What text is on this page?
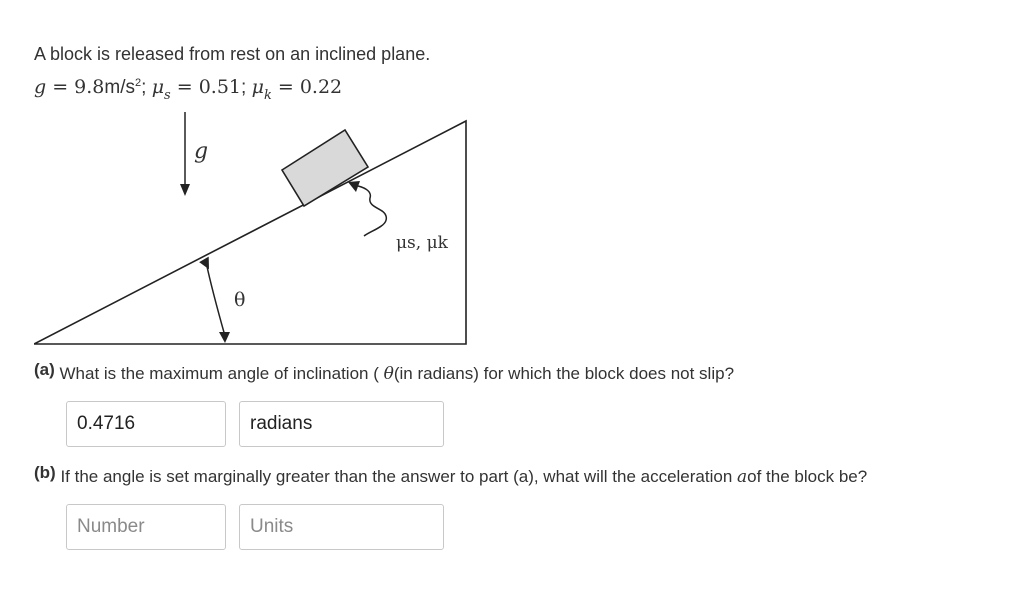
A block is released from rest on an inclined plane.
$g = 9.8m/s^2$; $\mu_s = 0.51$; $\mu_k = 0.22$
g
μs, μk
θ
(a) What is the maximum angle of inclination ( θ(in radians) for which the block does not slip?
0.4716	radians
(b) If the angle is set marginally greater than the answer to part (a), what will the acceleration aof the block be?
Number	Units
